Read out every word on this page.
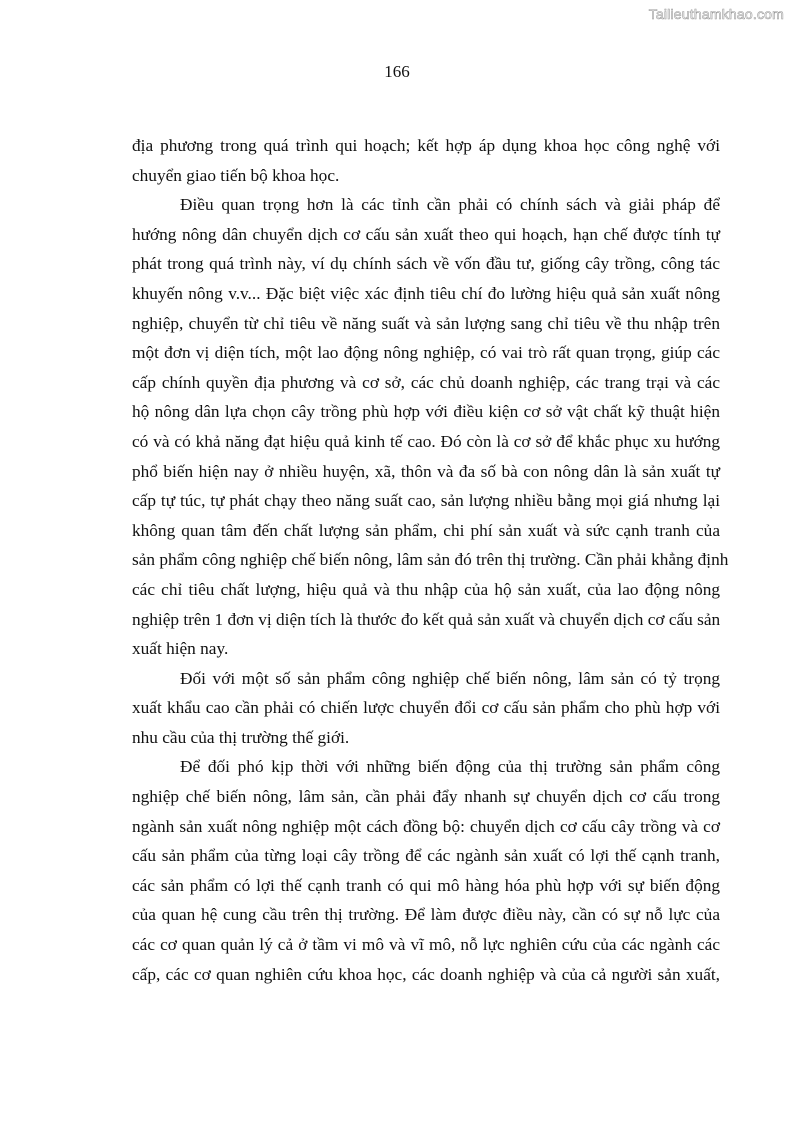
Tailieuthamkhao.com
166
địa phương trong quá trình qui hoạch; kết hợp áp dụng khoa học công nghệ với
chuyển giao tiến bộ khoa học.
Điều quan trọng hơn là các tỉnh cần phải có chính sách và giải pháp để
hướng nông dân chuyển dịch cơ cấu sản xuất theo qui hoạch, hạn chế được tính tự
phát trong quá trình này, ví dụ chính sách về vốn đầu tư, giống cây trồng, công tác
khuyến nông v.v... Đặc biệt việc xác định tiêu chí đo lường hiệu quả sản xuất nông
nghiệp, chuyển từ chỉ tiêu về năng suất và sản lượng sang chỉ tiêu về thu nhập trên
một đơn vị diện tích, một lao động nông nghiệp, có vai trò rất quan trọng, giúp các
cấp chính quyền địa phương và cơ sở, các chủ doanh nghiệp, các trang trại và các
hộ nông dân lựa chọn cây trồng phù hợp với điều kiện cơ sở vật chất kỹ thuật hiện
có và có khả năng đạt hiệu quả kinh tế cao. Đó còn là cơ sở để khắc phục xu hướng
phổ biến hiện nay ở nhiều huyện, xã, thôn và đa số bà con nông dân là sản xuất tự
cấp tự túc, tự phát chạy theo năng suất cao, sản lượng nhiều bằng mọi giá nhưng lại
không quan tâm đến chất lượng sản phẩm, chi phí sản xuất và sức cạnh tranh của
sản phẩm công nghiệp chế biến nông, lâm sản đó trên thị trường. Cần phải khẳng định
các chỉ tiêu chất lượng, hiệu quả và thu nhập của hộ sản xuất, của lao động nông
nghiệp trên 1 đơn vị diện tích là thước đo kết quả sản xuất và chuyển dịch cơ cấu sản
xuất hiện nay.
Đối với một số sản phẩm công nghiệp chế biến nông, lâm sản có tỷ trọng
xuất khẩu cao cần phải có chiến lược chuyển đổi cơ cấu sản phẩm cho phù hợp với
nhu cầu của thị trường thế giới.
Để đối phó kịp thời với những biến động của thị trường sản phẩm công
nghiệp chế biến nông, lâm sản, cần phải đẩy nhanh sự chuyển dịch cơ cấu trong
ngành sản xuất nông nghiệp một cách đồng bộ: chuyển dịch cơ cấu cây trồng và cơ
cấu sản phẩm của từng loại cây trồng để các ngành sản xuất có lợi thế cạnh tranh,
các sản phẩm có lợi thế cạnh tranh có qui mô hàng hóa phù hợp với sự biến động
của quan hệ cung cầu trên thị trường. Để làm được điều này, cần có sự nỗ lực của
các cơ quan quản lý cả ở tầm vi mô và vĩ mô, nỗ lực nghiên cứu của các ngành các
cấp, các cơ quan nghiên cứu khoa học, các doanh nghiệp và của cả người sản xuất,
